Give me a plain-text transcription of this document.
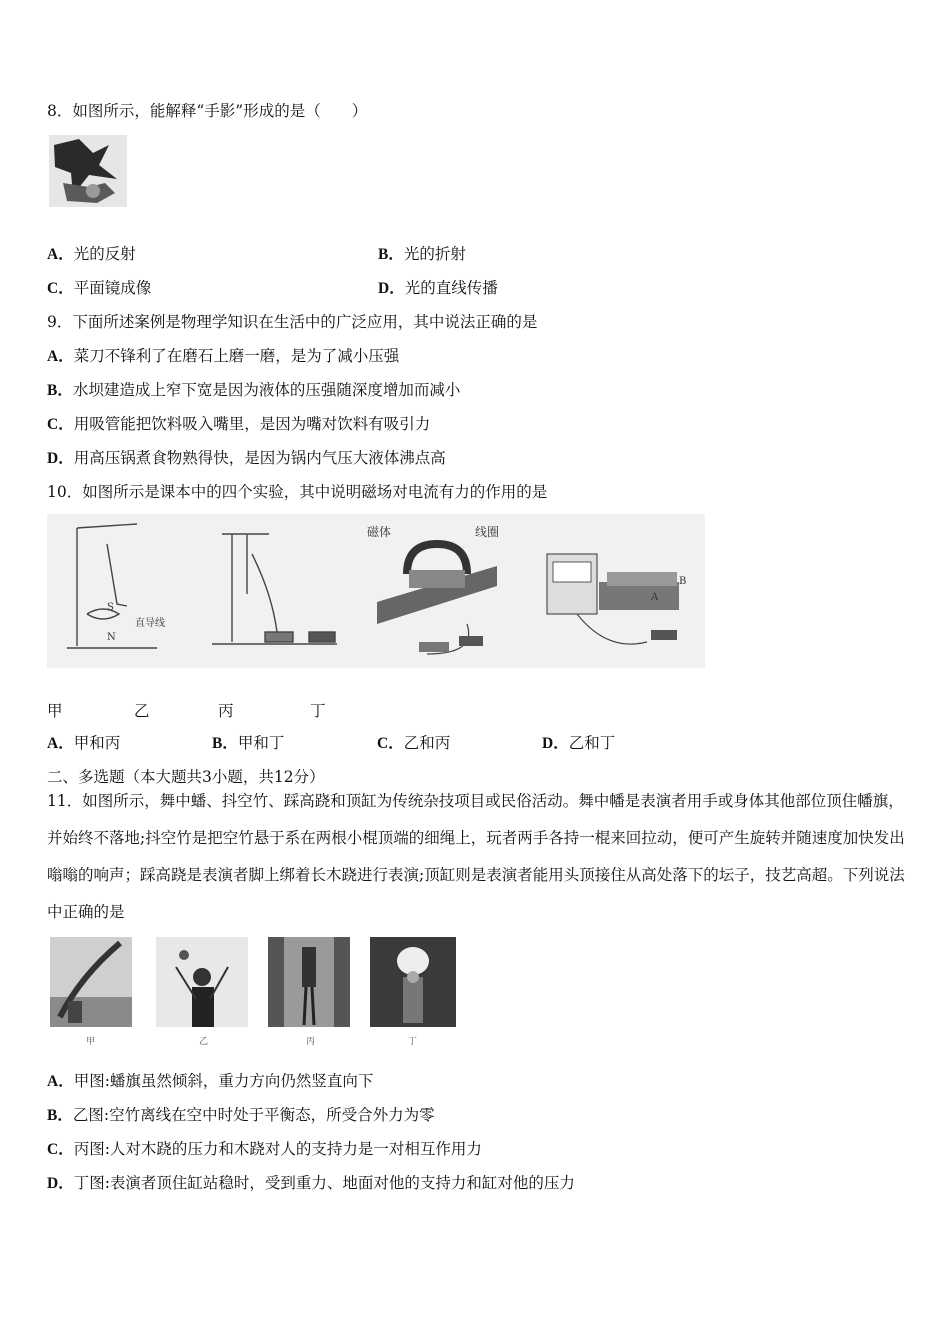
8．如图所示，能解释“手影”形成的是（　　）
A．光的反射	B．光的折射
C．平面镜成像	D．光的直线传播
9．下面所述案例是物理学知识在生活中的广泛应用，其中说法正确的是
A．菜刀不锋利了在磨石上磨一磨，是为了减小压强
B．水坝建造成上窄下宽是因为液体的压强随深度增加而减小
C．用吸管能把饮料吸入嘴里，是因为嘴对饮料有吸引力
D．用高压锅煮食物熟得快，是因为锅内气压大液体沸点高
10．如图所示是课本中的四个实验，其中说明磁场对电流有力的作用的是
S
N
直导线
磁体	线圈
B
A
甲	乙	丙	丁
A．甲和丙	B．甲和丁	C．乙和丙	D．乙和丁
二、多选题（本大题共3小题，共12分）
11．如图所示，舞中蟠、抖空竹、踩高跷和顶缸为传统杂技项目或民俗活动。舞中幡是表演者用手或身体其他部位顶住幡旗，并始终不落地;抖空竹是把空竹悬于系在两根小棍顶端的细绳上，玩者两手各持一棍来回拉动，便可产生旋转并随速度加快发出嗡嗡的响声；踩高跷是表演者脚上绑着长木跷进行表演;顶缸则是表演者能用头顶接住从高处落下的坛子，技艺高超。下列说法中正确的是
甲	乙	丙	丁
A．甲图:蟠旗虽然倾斜，重力方向仍然竖直向下
B．乙图:空竹离线在空中时处于平衡态，所受合外力为零
C．丙图:人对木跷的压力和木跷对人的支持力是一对相互作用力
D．丁图:表演者顶住缸站稳时，受到重力、地面对他的支持力和缸对他的压力
